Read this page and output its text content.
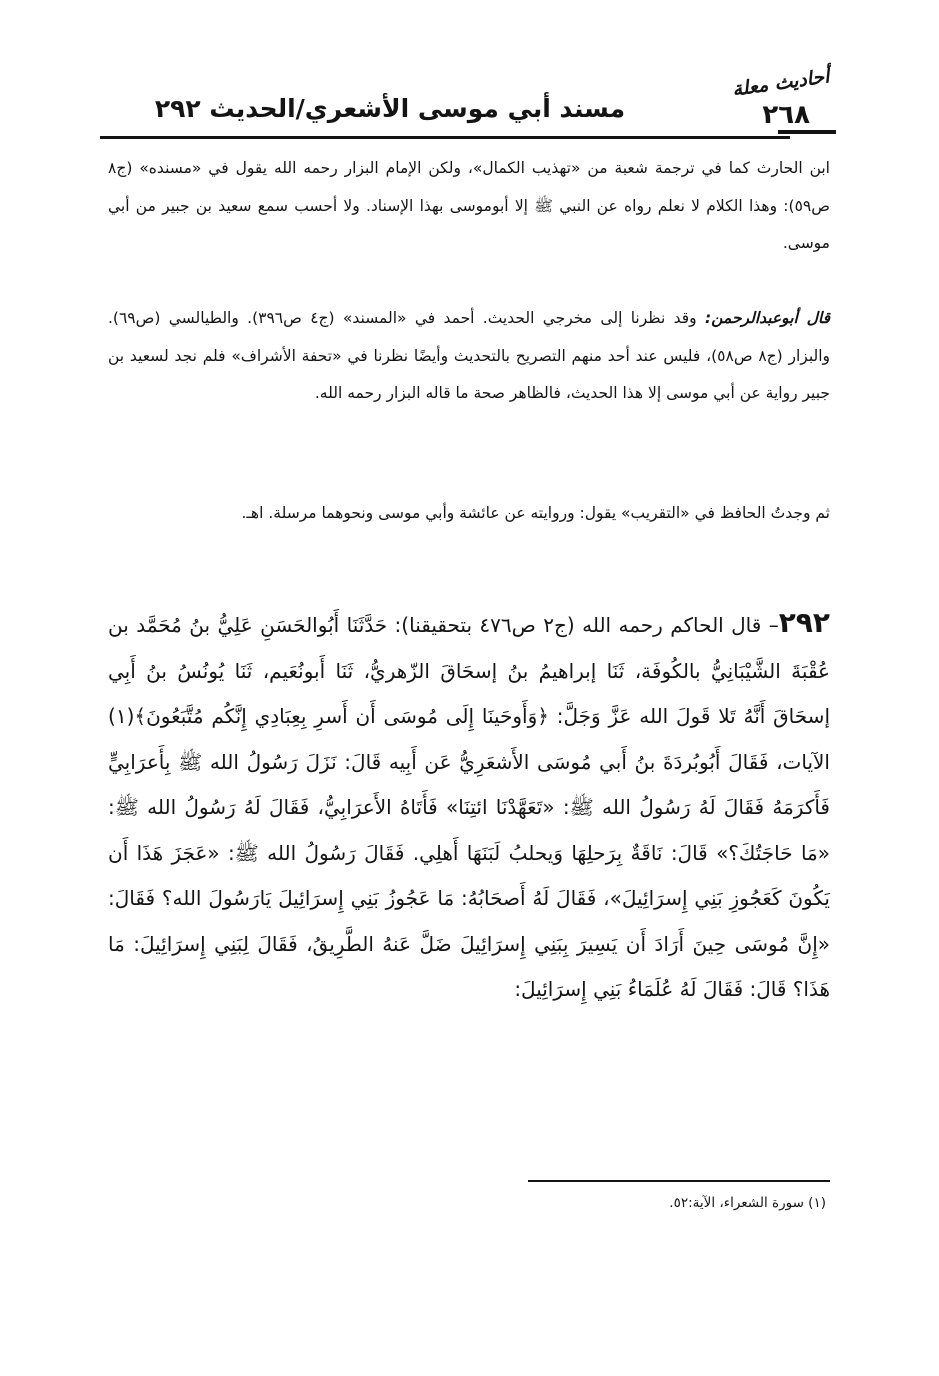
أحاديث معلة
٢٦٨
مسند أبي موسى الأشعري/الحديث ٢٩٢

ابن الحارث كما في ترجمة شعبة من «تهذيب الكمال»، ولكن الإمام البزار رحمه الله يقول في «مسنده» (ج٨ ص٥٩): وهذا الكلام لا نعلم رواه عن النبي ﷺ إلا أبوموسى بهذا الإسناد. ولا أحسب سمع سعيد بن جبير من أبي موسى.

قال أبوعبدالرحمن: وقد نظرنا إلى مخرجي الحديث. أحمد في «المسند» (ج٤ ص٣٩٦). والطيالسي (ص٦٩). والبزار (ج٨ ص٥٨)، فليس عند أحد منهم التصريح بالتحديث وأيضًا نظرنا في «تحفة الأشراف» فلم نجد لسعيد بن جبير رواية عن أبي موسى إلا هذا الحديث، فالظاهر صحة ما قاله البزار رحمه الله.

ثم وجدتُ الحافظ في «التقريب» يقول: وروايته عن عائشة وأبي موسى ونحوهما مرسلة. اهـ.

٢٩٢– قال الحاكم رحمه الله (ج٢ ص٤٧٦ بتحقيقنا): حَدَّثَنَا أَبُوالحَسَنِ عَلِيُّ بنُ مُحَمَّد بن عُقْبَةَ الشَّيْبَانِيُّ بالكُوفَة، ثَنَا إبراهيمُ بنُ إسحَاقَ الزّهريُّ، ثَنَا أَبونُعَيم، ثَنَا يُونُسُ بنُ أَبِي إسحَاقَ أَنَّهُ تَلا قَولَ الله عَزَّ وَجَلَّ: ﴿وَأَوحَينَا إِلَى مُوسَى أَن أَسرِ بِعِبَادِي إِنَّكُم مُتَّبَعُونَ﴾(١) الآيات، فَقَالَ أَبُوبُردَةَ بنُ أَبي مُوسَى الأَشعَرِيُّ عَن أَبِيه قَالَ: نَزَلَ رَسُولُ الله ﷺ بِأَعرَابِيٍّ فَأَكرَمَهُ فَقَالَ لَهُ رَسُولُ الله ﷺ: «تَعَهَّدْنَا ائتِنَا» فَأَتَاهُ الأَعرَابِيُّ، فَقَالَ لَهُ رَسُولُ الله ﷺ: «مَا حَاجَتُكَ؟» قَالَ: نَاقَةٌ بِرَحلِهَا وَيحلبُ لَبَنَهَا أَهلِي. فَقَالَ رَسُولُ الله ﷺ: «عَجَزَ هَذَا أَن يَكُونَ كَعَجُوزِ بَنِي إِسرَائِيلَ»، فَقَالَ لَهُ أَصحَابُهُ: مَا عَجُوزُ بَنِي إِسرَائِيلَ يَارَسُولَ الله؟ فَقَالَ: «إِنَّ مُوسَى حِينَ أَرَادَ أَن يَسِيرَ بِبَنِي إِسرَائِيلَ ضَلَّ عَنهُ الطَّرِيقُ، فَقَالَ لِبَنِي إِسرَائِيلَ: مَا هَذَا؟ قَالَ: فَقَالَ لَهُ عُلَمَاءُ بَنِي إِسرَائِيلَ:

(١) سورة الشعراء، الآية:٥٢.
